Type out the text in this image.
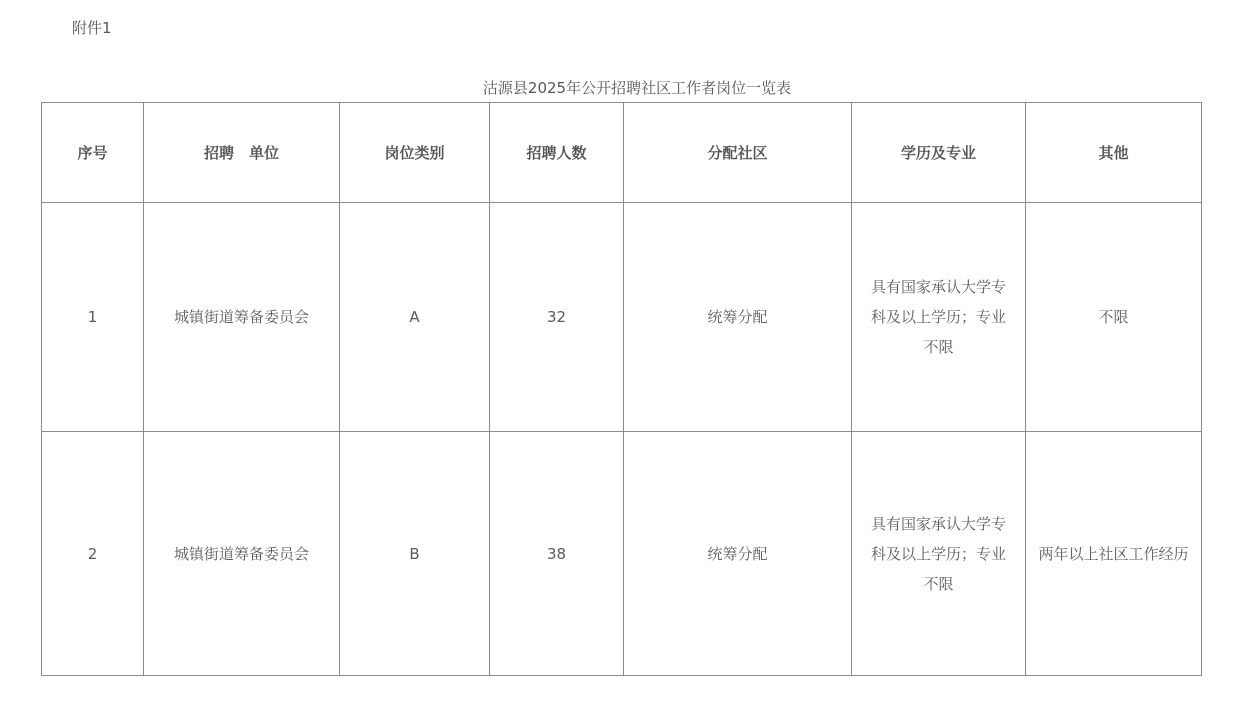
附件1
沽源县2025年公开招聘社区工作者岗位一览表
序号	招聘　单位	岗位类别	招聘人数	分配社区	学历及专业	其他
1	城镇街道筹备委员会	A	32	统筹分配	具有国家承认大学专科及以上学历；专业不限	不限
2	城镇街道筹备委员会	B	38	统筹分配	具有国家承认大学专科及以上学历；专业不限	两年以上社区工作经历
